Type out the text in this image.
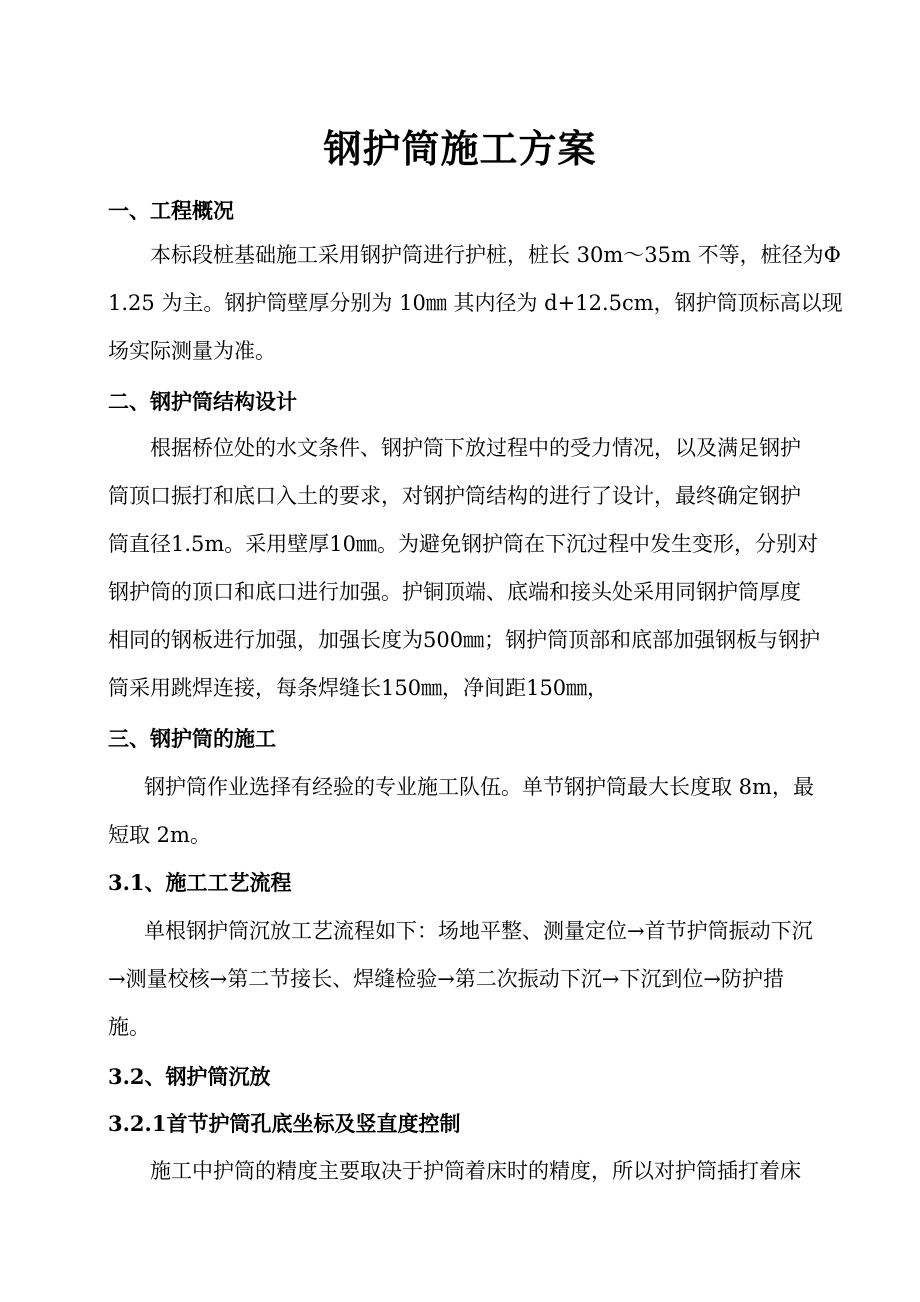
钢护筒施工方案
一、工程概况
本标段桩基础施工采用钢护筒进行护桩，桩长 30m～35m 不等，桩径为Φ
1.25 为主。钢护筒壁厚分别为 10㎜ 其内径为 d+12.5cm，钢护筒顶标高以现
场实际测量为准。
二、钢护筒结构设计
根据桥位处的水文条件、钢护筒下放过程中的受力情况，以及满足钢护
筒顶口振打和底口入土的要求，对钢护筒结构的进行了设计，最终确定钢护
筒直径1.5m。采用壁厚10㎜。为避免钢护筒在下沉过程中发生变形，分别对
钢护筒的顶口和底口进行加强。护铜顶端、底端和接头处采用同钢护筒厚度
相同的钢板进行加强，加强长度为500㎜；钢护筒顶部和底部加强钢板与钢护
筒采用跳焊连接，每条焊缝长150㎜，净间距150㎜，
三、钢护筒的施工
钢护筒作业选择有经验的专业施工队伍。单节钢护筒最大长度取 8m，最
短取 2m。
3.1、施工工艺流程
单根钢护筒沉放工艺流程如下：场地平整、测量定位→首节护筒振动下沉
→测量校核→第二节接长、焊缝检验→第二次振动下沉→下沉到位→防护措
施。
3.2、钢护筒沉放
3.2.1首节护筒孔底坐标及竖直度控制
施工中护筒的精度主要取决于护筒着床时的精度，所以对护筒插打着床
